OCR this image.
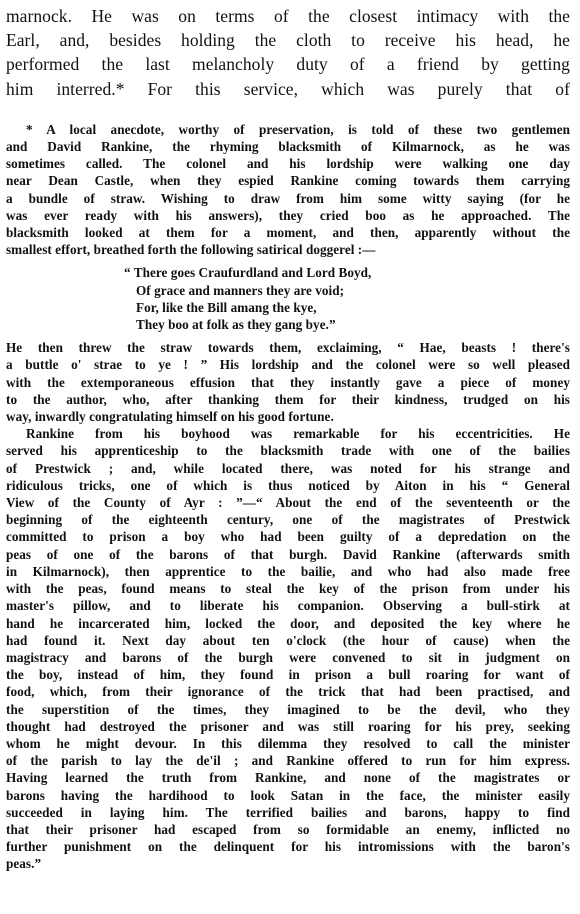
marnock. He was on terms of the closest intimacy with the
Earl, and, besides holding the cloth to receive his head, he
performed the last melancholy duty of a friend by getting
him interred.* For this service, which was purely that of
* A local anecdote, worthy of preservation, is told of these two gentlemen
and David Rankine, the rhyming blacksmith of Kilmarnock, as he was
sometimes called. The colonel and his lordship were walking one day
near Dean Castle, when they espied Rankine coming towards them carrying
a bundle of straw. Wishing to draw from him some witty saying (for he
was ever ready with his answers), they cried boo as he approached. The
blacksmith looked at them for a moment, and then, apparently without the
smallest effort, breathed forth the following satirical doggerel :—
“ There goes Craufurdland and Lord Boyd,
Of grace and manners they are void;
For, like the Bill amang the kye,
They boo at folk as they gang bye.”
He then threw the straw towards them, exclaiming, “ Hae, beasts ! there's
a buttle o' strae to ye ! ” His lordship and the colonel were so well pleased
with the extemporaneous effusion that they instantly gave a piece of money
to the author, who, after thanking them for their kindness, trudged on his
way, inwardly congratulating himself on his good fortune.
Rankine from his boyhood was remarkable for his eccentricities. He
served his apprenticeship to the blacksmith trade with one of the bailies
of Prestwick ; and, while located there, was noted for his strange and
ridiculous tricks, one of which is thus noticed by Aiton in his “ General
View of the County of Ayr : ”—“ About the end of the seventeenth or the
beginning of the eighteenth century, one of the magistrates of Prestwick
committed to prison a boy who had been guilty of a depredation on the
peas of one of the barons of that burgh. David Rankine (afterwards smith
in Kilmarnock), then apprentice to the bailie, and who had also made free
with the peas, found means to steal the key of the prison from under his
master's pillow, and to liberate his companion. Observing a bull-stirk at
hand he incarcerated him, locked the door, and deposited the key where he
had found it. Next day about ten o'clock (the hour of cause) when the
magistracy and barons of the burgh were convened to sit in judgment on
the boy, instead of him, they found in prison a bull roaring for want of
food, which, from their ignorance of the trick that had been practised, and
the superstition of the times, they imagined to be the devil, who they
thought had destroyed the prisoner and was still roaring for his prey, seeking
whom he might devour. In this dilemma they resolved to call the minister
of the parish to lay the de'il ; and Rankine offered to run for him express.
Having learned the truth from Rankine, and none of the magistrates or
barons having the hardihood to look Satan in the face, the minister easily
succeeded in laying him. The terrified bailies and barons, happy to find
that their prisoner had escaped from so formidable an enemy, inflicted no
further punishment on the delinquent for his intromissions with the baron's
peas.”
